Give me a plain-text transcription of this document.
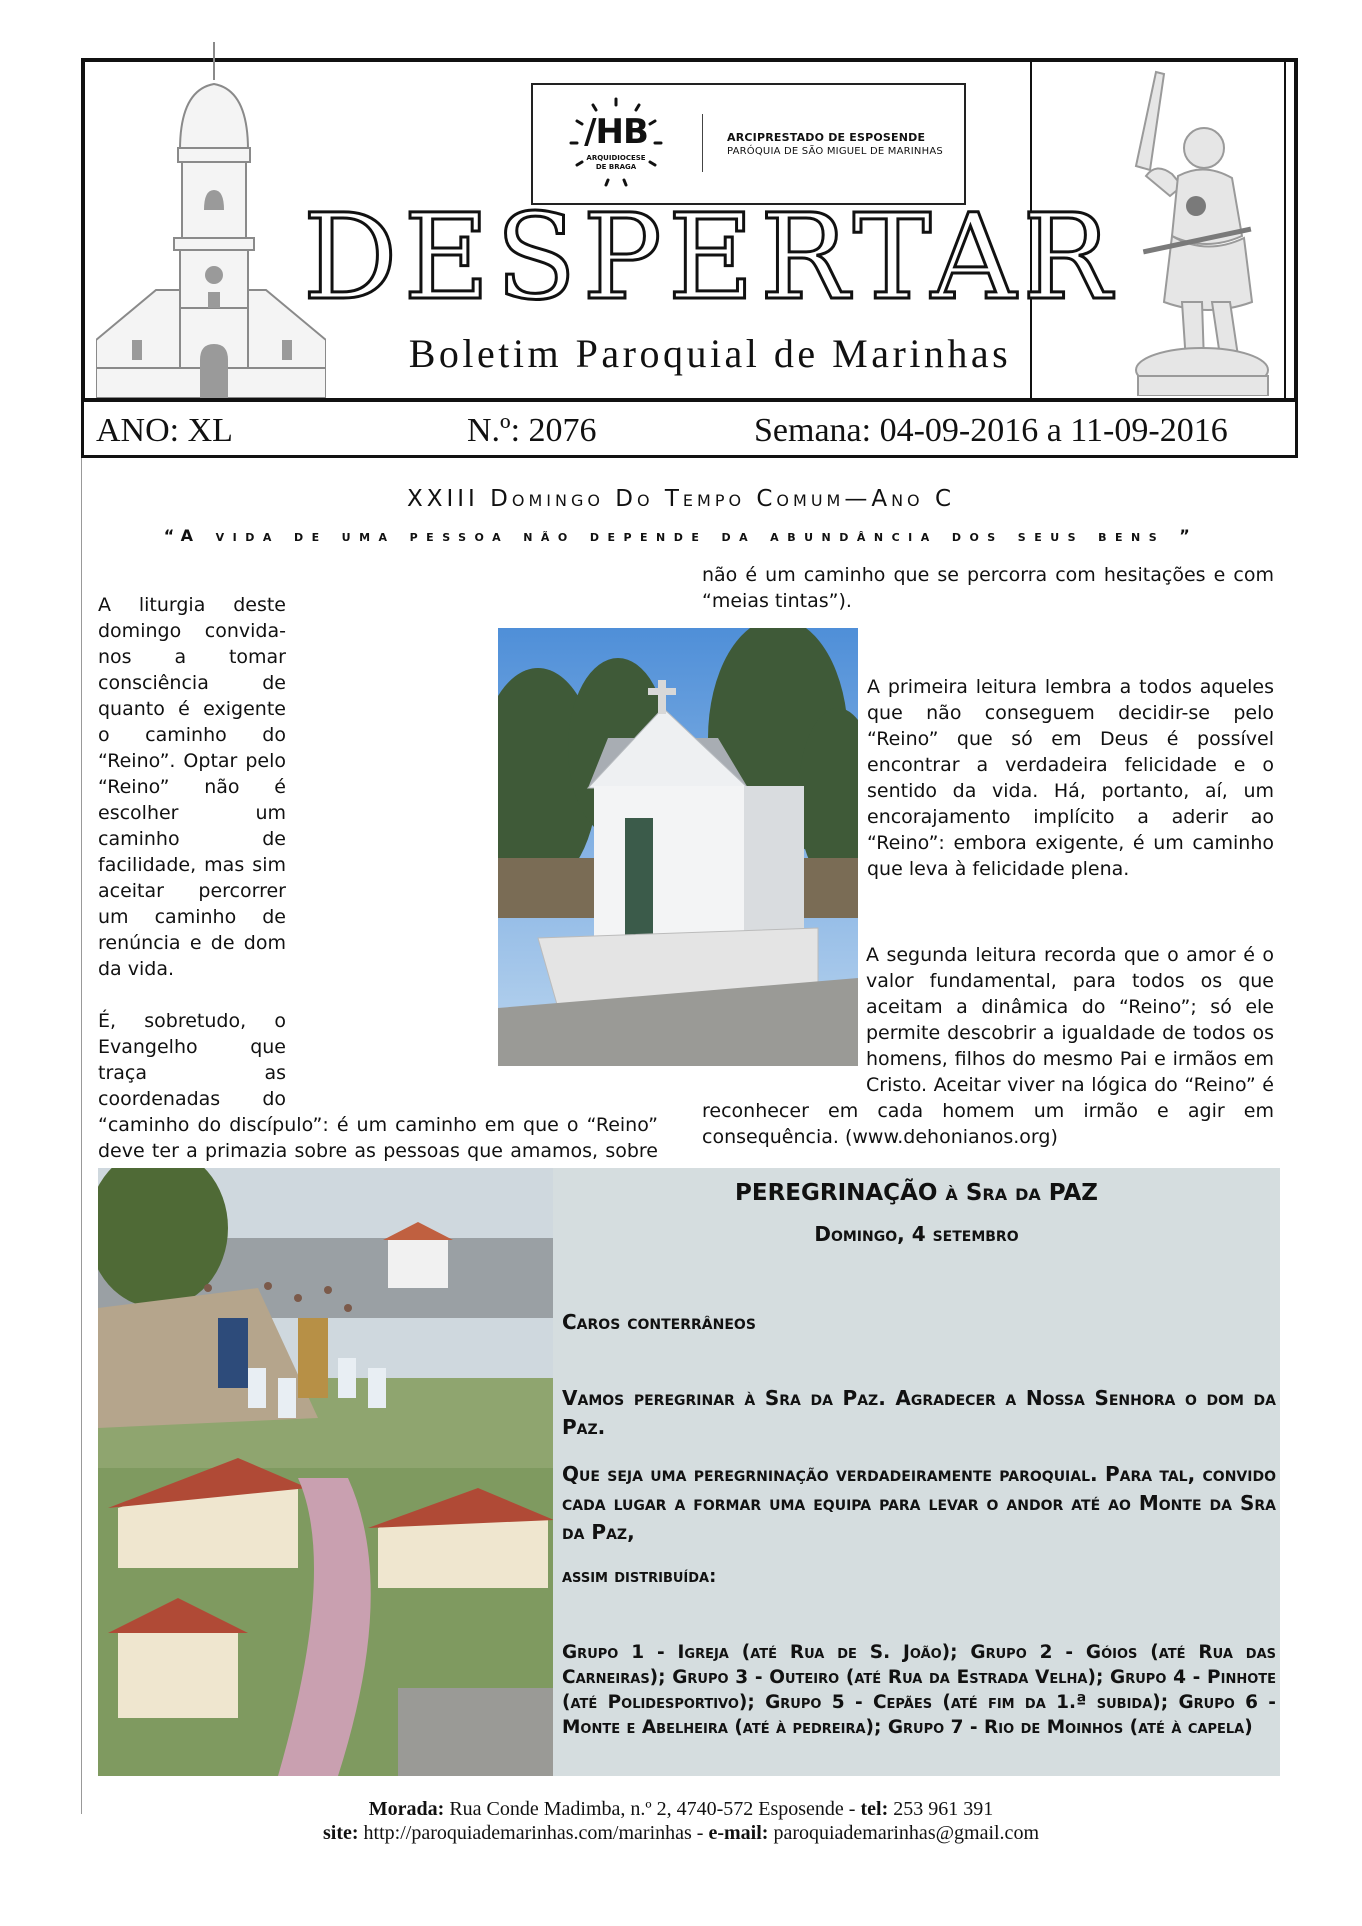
/ΗB
ARQUIDIOCESE DE BRAGA
ARCIPRESTADO DE ESPOSENDE
PARÓQUIA DE SÃO MIGUEL DE MARINHAS
DESPERTAR
Boletim Paroquial de Marinhas
ANO: XL	N.º: 2076	Semana: 04-09-2016 a 11-09-2016
XXIII Domingo Do Tempo Comum—Ano C
“A vida de uma pessoa não depende da abundância dos seus bens ”

A liturgia deste domingo convida-nos a tomar consciência de quanto é exigente o caminho do “Reino”. Optar pelo “Reino” não é escolher um caminho de facilidade, mas sim aceitar percorrer um caminho de renúncia e de dom da vida.

É, sobretudo, o Evangelho que traça as coordenadas do “caminho do discípulo”: é um caminho em que o “Reino” deve ter a primazia sobre as pessoas que amamos, sobre

não é um caminho que se percorra com hesitações e com “meias tintas”).

A primeira leitura lembra a todos aqueles que não conseguem decidir-se pelo “Reino” que só em Deus é possível encontrar a verdadeira felicidade e o sentido da vida. Há, portanto, aí, um encorajamento implícito a aderir ao “Reino”: embora exigente, é um caminho que leva à felicidade plena.

A segunda leitura recorda que o amor é o valor fundamental, para todos os que aceitam a dinâmica do “Reino”; só ele permite descobrir a igualdade de todos os homens, filhos do mesmo Pai e irmãos em Cristo. Aceitar viver na lógica do “Reino” é reconhecer em cada homem um irmão e agir em consequência. (www.dehonianos.org)

PEREGRINAÇÃO à Sra da PAZ
Domingo, 4 setembro
Caros conterrâneos
Vamos peregrinar à Sra da Paz. Agradecer a Nossa Senhora o dom da Paz.
Que seja uma peregrninação verdadeiramente paroquial. Para tal, convido cada lugar a formar uma equipa para levar o andor até ao Monte da Sra da Paz,
assim distribuída:
Grupo 1 - Igreja (até Rua de S. João); Grupo 2 - Góios (até Rua das Carneiras); Grupo 3 - Outeiro (até Rua da Estrada Velha); Grupo 4 - Pinhote (até Polidesportivo); Grupo 5 - Cepães (até fim da 1.ª subida); Grupo 6 - Monte e Abelheira (até à pedreira); Grupo 7 - Rio de Moinhos (até à capela)
Morada: Rua Conde Madimba, n.º 2, 4740-572 Esposende - tel: 253 961 391
site: http://paroquiademarinhas.com/marinhas - e-mail: paroquiademarinhas@gmail.com
